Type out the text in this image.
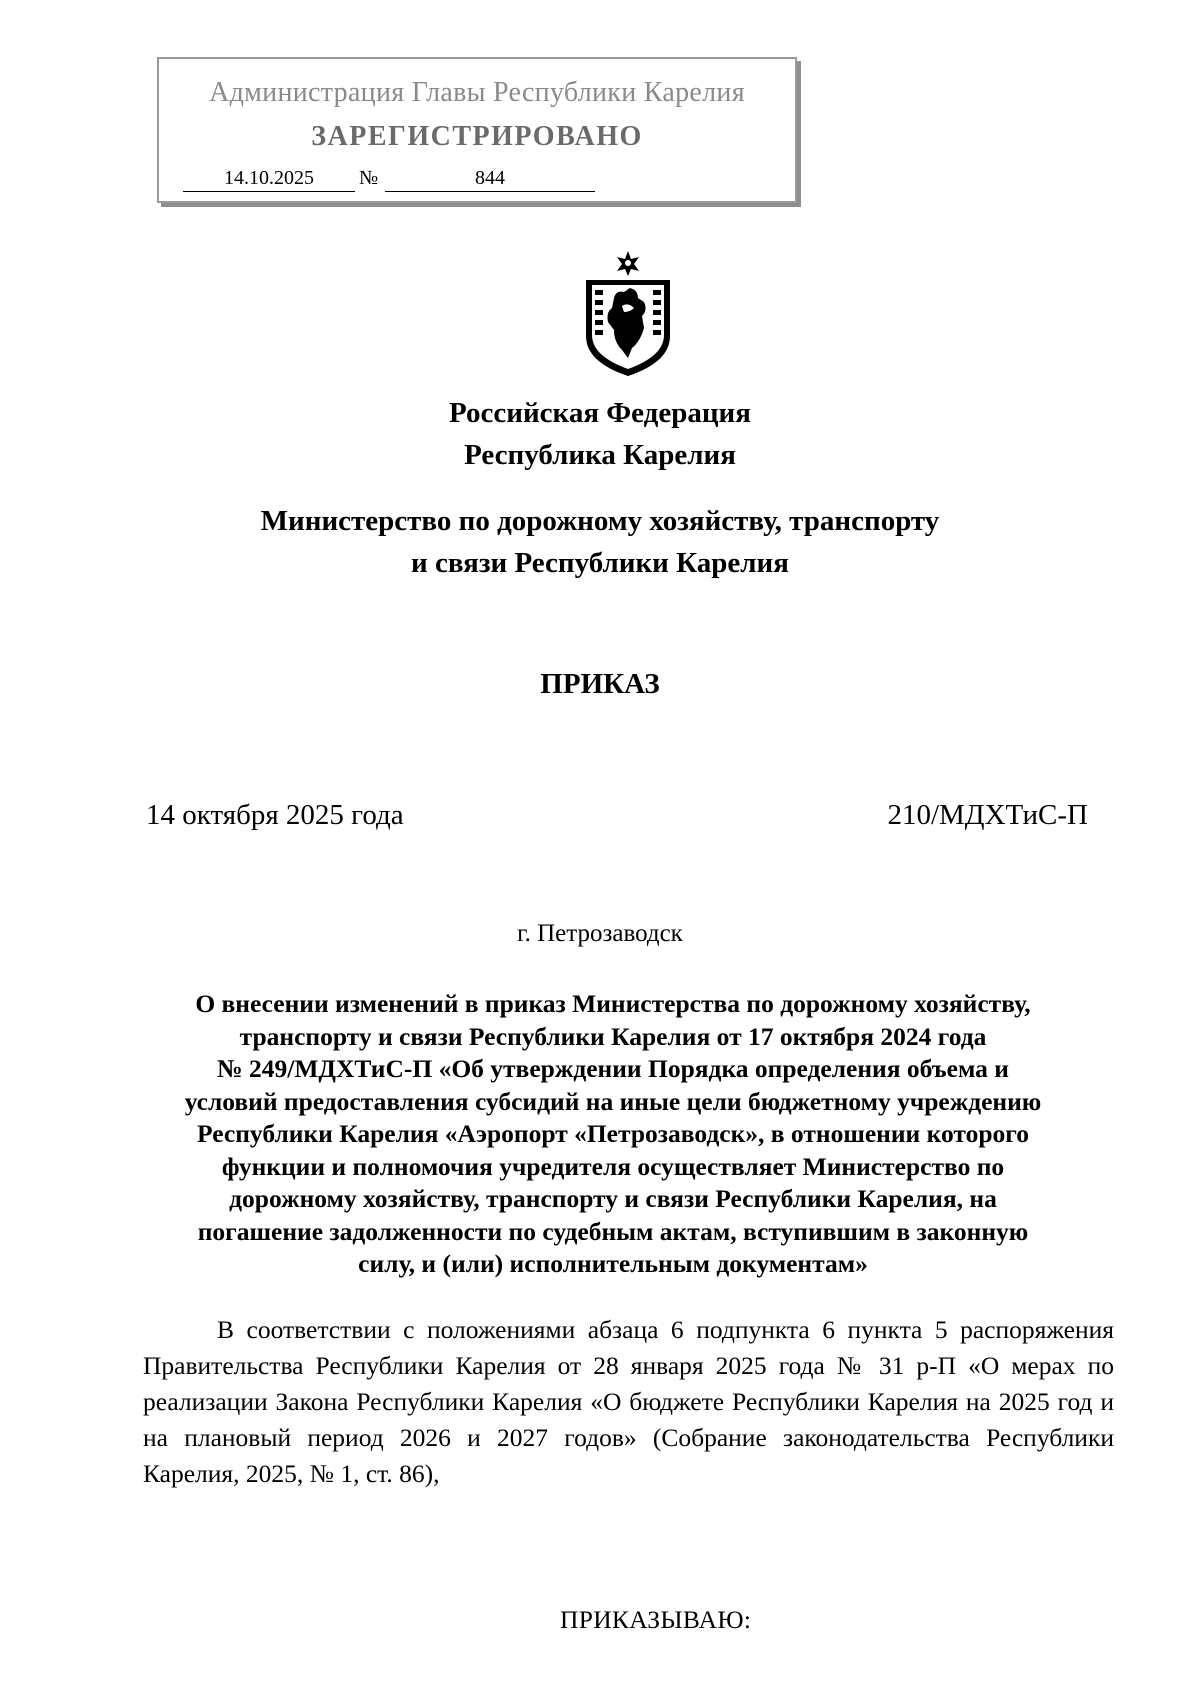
Администрация Главы Республики Карелия
ЗАРЕГИСТРИРОВАНО
14.10.2025	№	844
Российская Федерация
Республика Карелия
Министерство по дорожному хозяйству, транспорту
и связи Республики Карелия
ПРИКАЗ
14 октября 2025 года	210/МДХТиС-П
г. Петрозаводск
О внесении изменений в приказ Министерства по дорожному хозяйству,
транспорту и связи Республики Карелия от 17 октября 2024 года
№ 249/МДХТиС-П «Об утверждении Порядка определения объема и
условий предоставления субсидий на иные цели бюджетному учреждению
Республики Карелия «Аэропорт «Петрозаводск», в отношении которого
функции и полномочия учредителя осуществляет Министерство по
дорожному хозяйству, транспорту и связи Республики Карелия, на
погашение задолженности по судебным актам, вступившим в законную
силу, и (или) исполнительным документам»
В соответствии с положениями абзаца 6 подпункта 6 пункта 5 распоряжения Правительства Республики Карелия от 28 января 2025 года № 31 р-П «О мерах по реализации Закона Республики Карелия «О бюджете Республики Карелия на 2025 год и на плановый период 2026 и 2027 годов» (Собрание законодательства Республики Карелия, 2025, № 1, ст. 86),
ПРИКАЗЫВАЮ:
